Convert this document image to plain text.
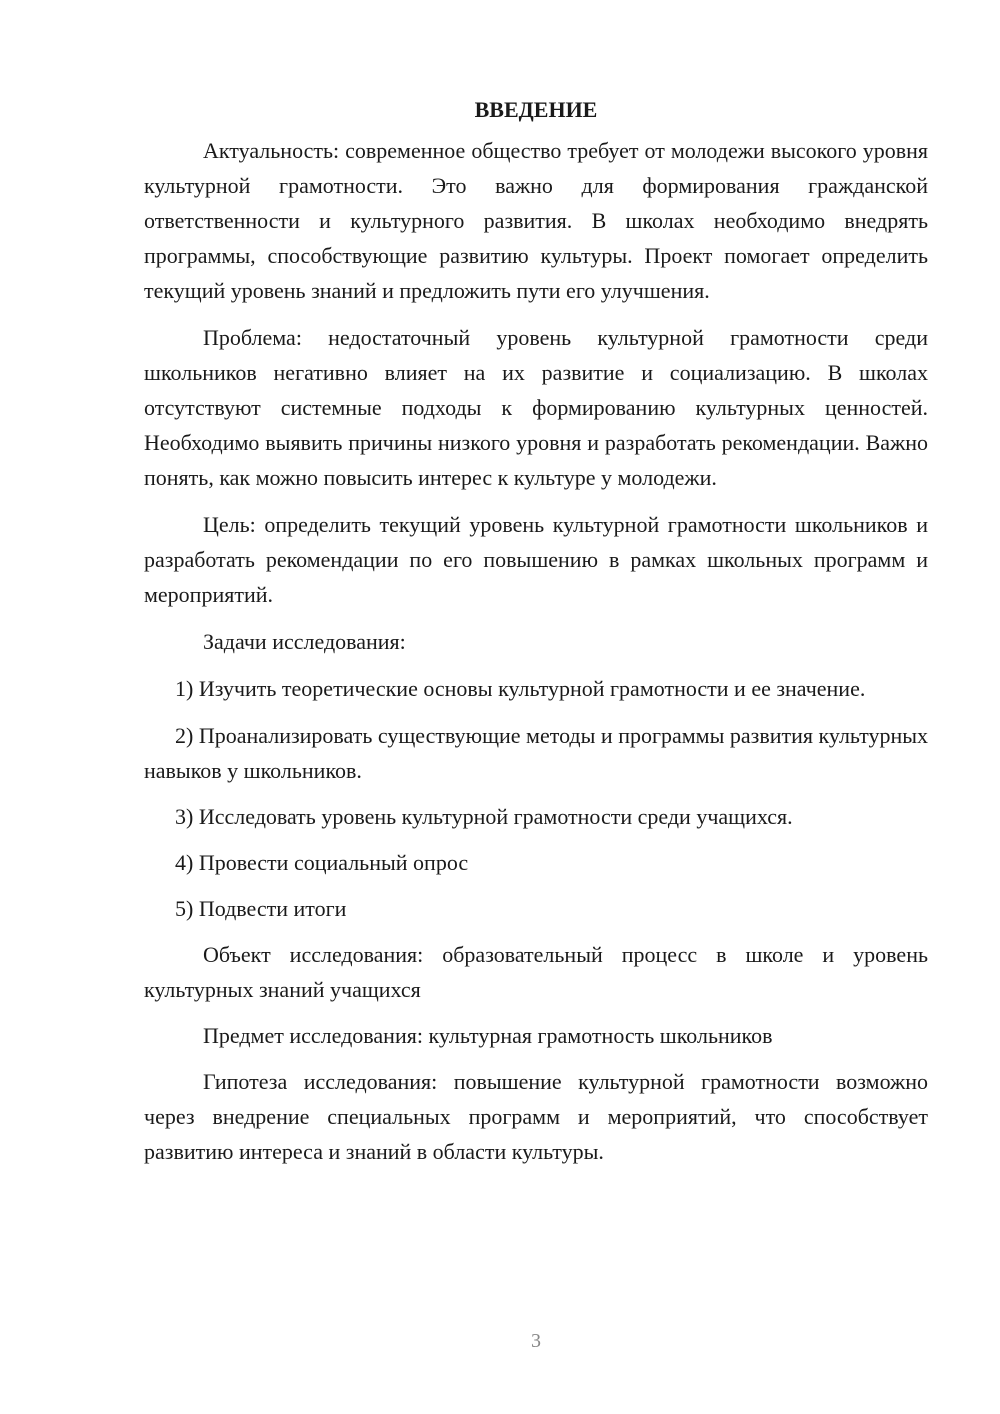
ВВЕДЕНИЕ

Актуальность: современное общество требует от молодежи высокого уровня культурной грамотности. Это важно для формирования гражданской ответственности и культурного развития. В школах необходимо внедрять программы, способствующие развитию культуры. Проект помогает определить текущий уровень знаний и предложить пути его улучшения.

Проблема: недостаточный уровень культурной грамотности среди школьников негативно влияет на их развитие и социализацию. В школах отсутствуют системные подходы к формированию культурных ценностей. Необходимо выявить причины низкого уровня и разработать рекомендации. Важно понять, как можно повысить интерес к культуре у молодежи.

Цель: определить текущий уровень культурной грамотности школьников и разработать рекомендации по его повышению в рамках школьных программ и мероприятий.

Задачи исследования:

1) Изучить теоретические основы культурной грамотности и ее значение.

2) Проанализировать существующие методы и программы развития культурных навыков у школьников.

3) Исследовать уровень культурной грамотности среди учащихся.

4) Провести социальный опрос

5) Подвести итоги

Объект исследования: образовательный процесс в школе и уровень культурных знаний учащихся

Предмет исследования: культурная грамотность школьников

Гипотеза исследования: повышение культурной грамотности возможно через внедрение специальных программ и мероприятий, что способствует развитию интереса и знаний в области культуры.

3
